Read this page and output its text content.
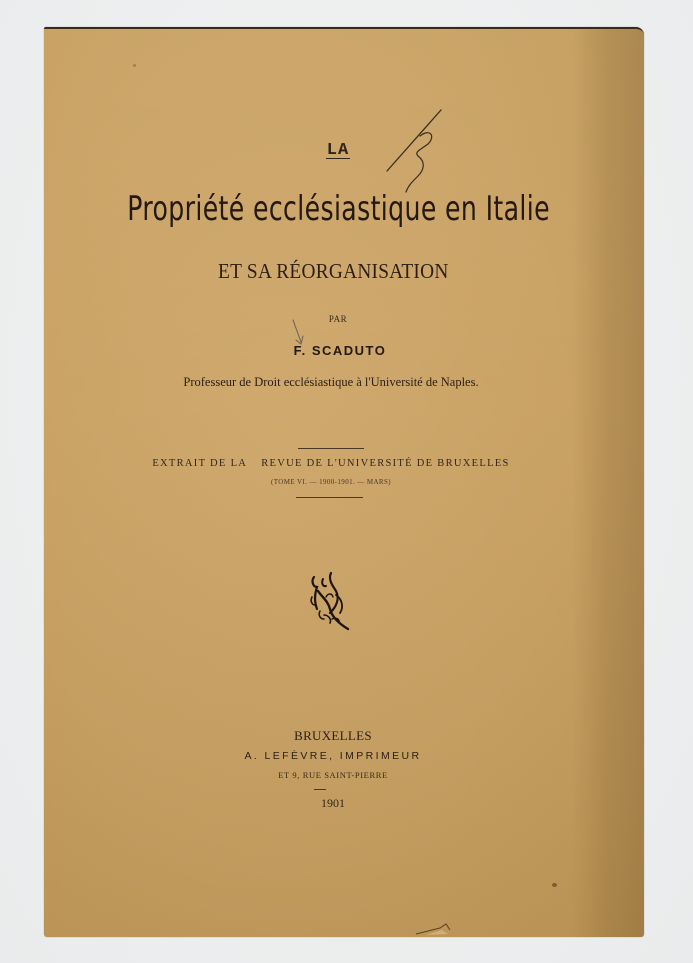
LA
Propriété ecclésiastique en Italie
ET SA RÉORGANISATION
PAR
F. SCADUTO
Professeur de Droit ecclésiastique à l'Université de Naples.
EXTRAIT DE LA REVUE DE L'UNIVERSITÉ DE BRUXELLES
(TOME VI. — 1900-1901. — MARS)
BRUXELLES
A. LEFÈVRE, IMPRIMEUR
ET 9, RUE SAINT-PIERRE
1901
